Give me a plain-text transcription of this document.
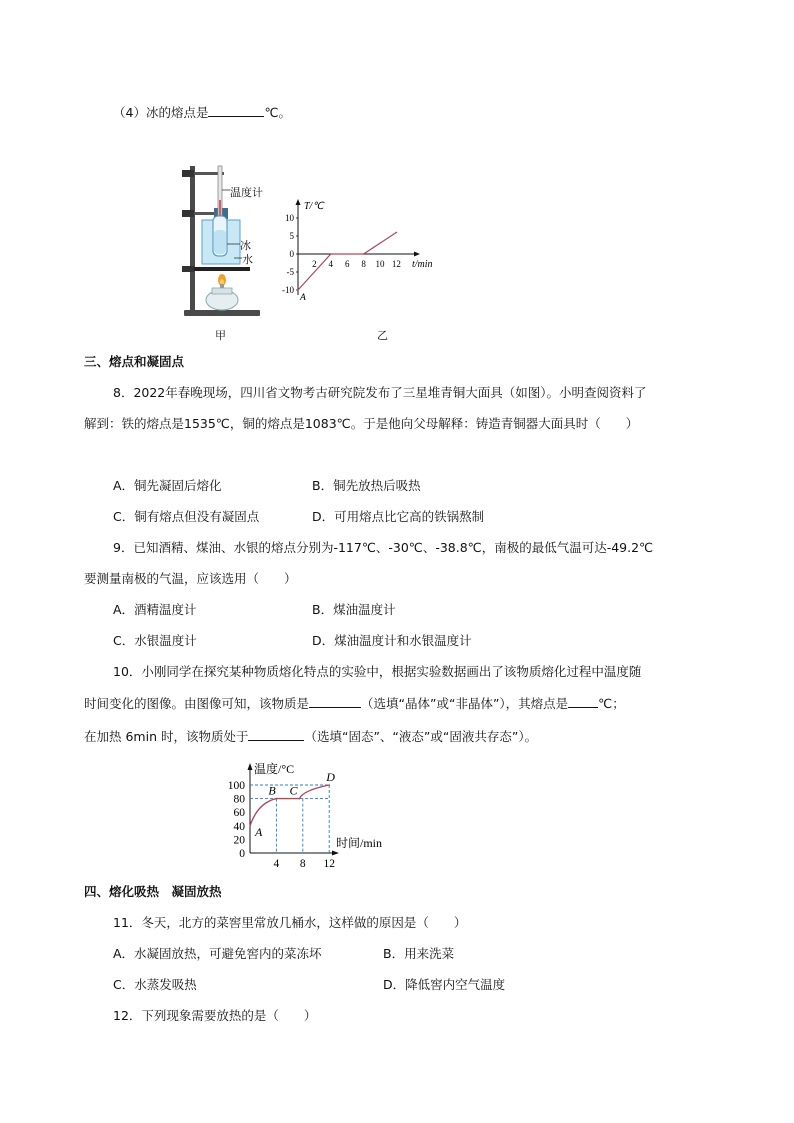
（4）冰的熔点是	℃。
温度计
冰
水
甲
T/℃
t/min
2 4 6 8 10 12
10
5
0
-5
-10
A
乙
三、熔点和凝固点
8．2022年春晚现场，四川省文物考古研究院发布了三星堆青铜大面具（如图）。小明查阅资料了
解到：铁的熔点是1535℃，铜的熔点是1083℃。于是他向父母解释：铸造青铜器大面具时（　　）
A．铜先凝固后熔化	B．铜先放热后吸热
C．铜有熔点但没有凝固点	D．可用熔点比它高的铁锅熬制
9．已知酒精、煤油、水银的熔点分别为-117℃、-30℃、-38.8℃，南极的最低气温可达-49.2℃
要测量南极的气温，应该选用（　　）
A．酒精温度计	B．煤油温度计
C．水银温度计	D．煤油温度计和水银温度计
10．小刚同学在探究某种物质熔化特点的实验中，根据实验数据画出了该物质熔化过程中温度随
时间变化的图像。由图像可知，该物质是	（选填“晶体”或“非晶体”），其熔点是 ℃；
在加热 6min 时，该物质处于	（选填“固态”、“液态”或“固液共存态”）。
温度/°C
时间/min
100
80
60
40
20
0
4 8 12
A
B C
D
四、熔化吸热　凝固放热
11．冬天，北方的菜窖里常放几桶水，这样做的原因是（　　）
A．水凝固放热，可避免窖内的菜冻坏	B．用来洗菜
C．水蒸发吸热	D．降低窖内空气温度
12．下列现象需要放热的是（　　）
